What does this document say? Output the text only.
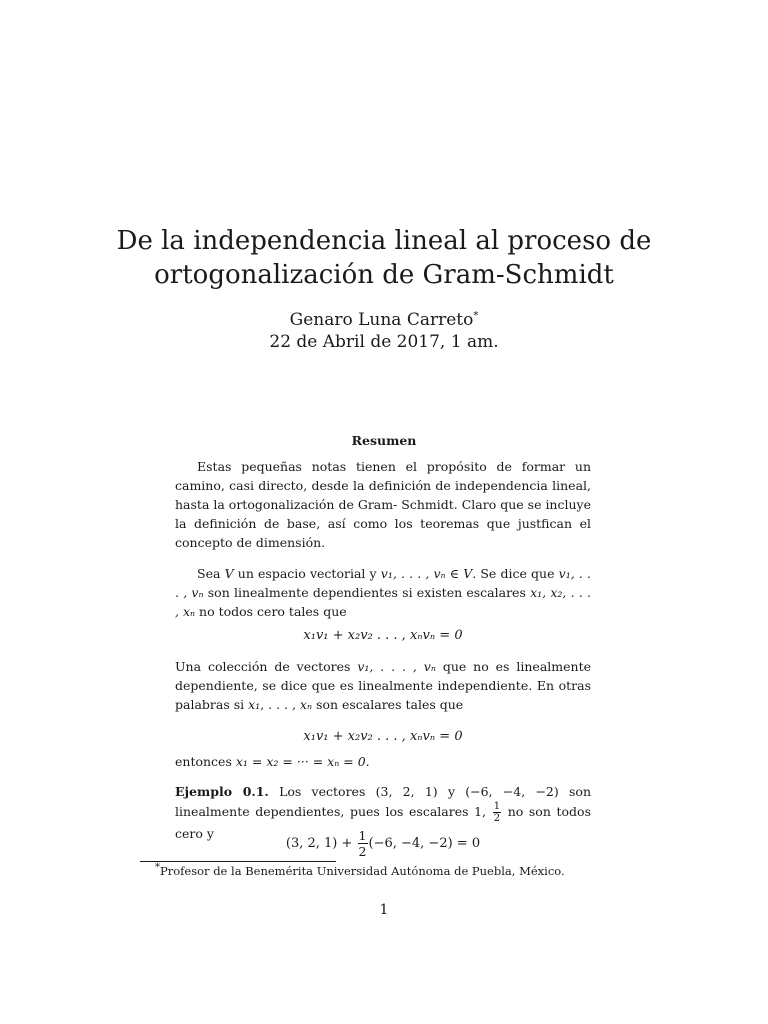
De la independencia lineal al proceso de
ortogonalización de Gram-Schmidt
Genaro Luna Carreto*
22 de Abril de 2017, 1 am.
Resumen

Estas pequeñas notas tienen el propósito de formar un camino, casi directo, desde la definición de independencia lineal, hasta la ortogonalización de Gram- Schmidt. Claro que se incluye la definición de base, así como los teoremas que justfican el concepto de dimensión.

Sea V un espacio vectorial y v₁, . . . , vₙ ∈ V. Se dice que v₁, . . . , vₙ son linealmente dependientes si existen escalares x₁, x₂, . . . , xₙ no todos cero tales que

x₁v₁ + x₂v₂ . . . , xₙvₙ = 0

Una colección de vectores v₁, . . . , vₙ que no es linealmente dependiente, se dice que es linealmente independiente. En otras palabras si x₁, . . . , xₙ son escalares tales que

x₁v₁ + x₂v₂ . . . , xₙvₙ = 0

entonces x₁ = x₂ = ··· = xₙ = 0.

Ejemplo 0.1. Los vectores (3, 2, 1) y (−6, −4, −2) son linealmente dependientes, pues los escalares 1, $\frac{1}{2}$ no son todos cero y

(3, 2, $1) + \frac{1}{2} (-6$, −4, −2) = 0
*Profesor de la Benemérita Universidad Autónoma de Puebla, México.
1
